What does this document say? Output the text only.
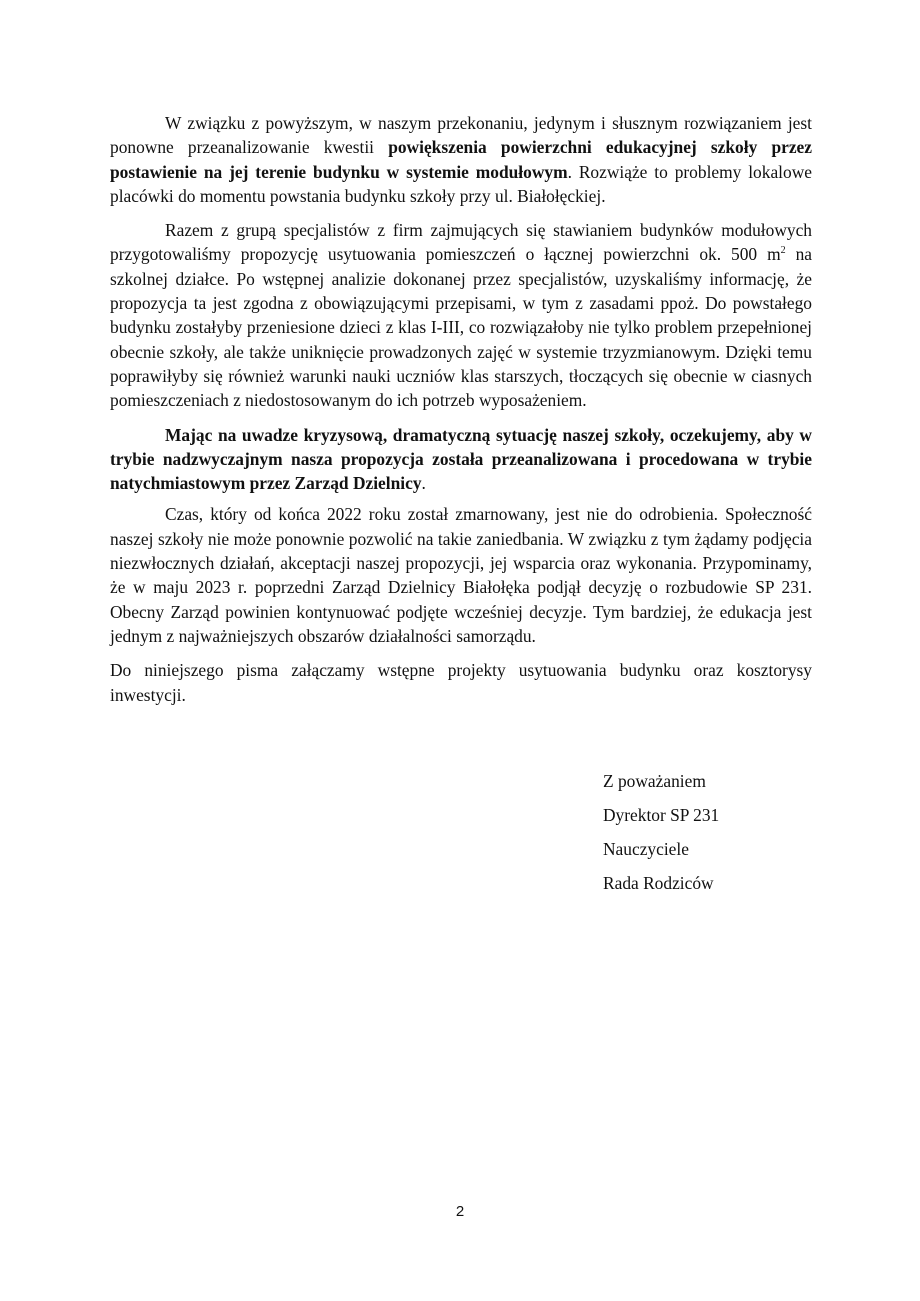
W związku z powyższym, w naszym przekonaniu, jedynym i słusznym rozwiązaniem jest ponowne przeanalizowanie kwestii powiększenia powierzchni edukacyjnej szkoły przez postawienie na jej terenie budynku w systemie modułowym. Rozwiąże to problemy lokalowe placówki do momentu powstania budynku szkoły przy ul. Białołęckiej.

Razem z grupą specjalistów z firm zajmujących się stawianiem budynków modułowych przygotowaliśmy propozycję usytuowania pomieszczeń o łącznej powierzchni ok. 500 $m^2$ na szkolnej działce. Po wstępnej analizie dokonanej przez specjalistów, uzyskaliśmy informację, że propozycja ta jest zgodna z obowiązującymi przepisami, w tym z zasadami ppoż. Do powstałego budynku zostałyby przeniesione dzieci z klas I-III, co rozwiązałoby nie tylko problem przepełnionej obecnie szkoły, ale także uniknięcie prowadzonych zajęć w systemie trzyzmianowym. Dzięki temu poprawiłyby się również warunki nauki uczniów klas starszych, tłoczących się obecnie w ciasnych pomieszczeniach z niedostosowanym do ich potrzeb wyposażeniem.

Mając na uwadze kryzysową, dramatyczną sytuację naszej szkoły, oczekujemy, aby w trybie nadzwyczajnym nasza propozycja została przeanalizowana i procedowana w trybie natychmiastowym przez Zarząd Dzielnicy.

Czas, który od końca 2022 roku został zmarnowany, jest nie do odrobienia. Społeczność naszej szkoły nie może ponownie pozwolić na takie zaniedbania. W związku z tym żądamy podjęcia niezwłocznych działań, akceptacji naszej propozycji, jej wsparcia oraz wykonania. Przypominamy, że w maju 2023 r. poprzedni Zarząd Dzielnicy Białołęka podjął decyzję o rozbudowie SP 231. Obecny Zarząd powinien kontynuować podjęte wcześniej decyzje. Tym bardziej, że edukacja jest jednym z najważniejszych obszarów działalności samorządu.

Do niniejszego pisma załączamy wstępne projekty usytuowania budynku oraz kosztorysy inwestycji.

Z poważaniem
Dyrektor SP 231
Nauczyciele
Rada Rodziców
2
